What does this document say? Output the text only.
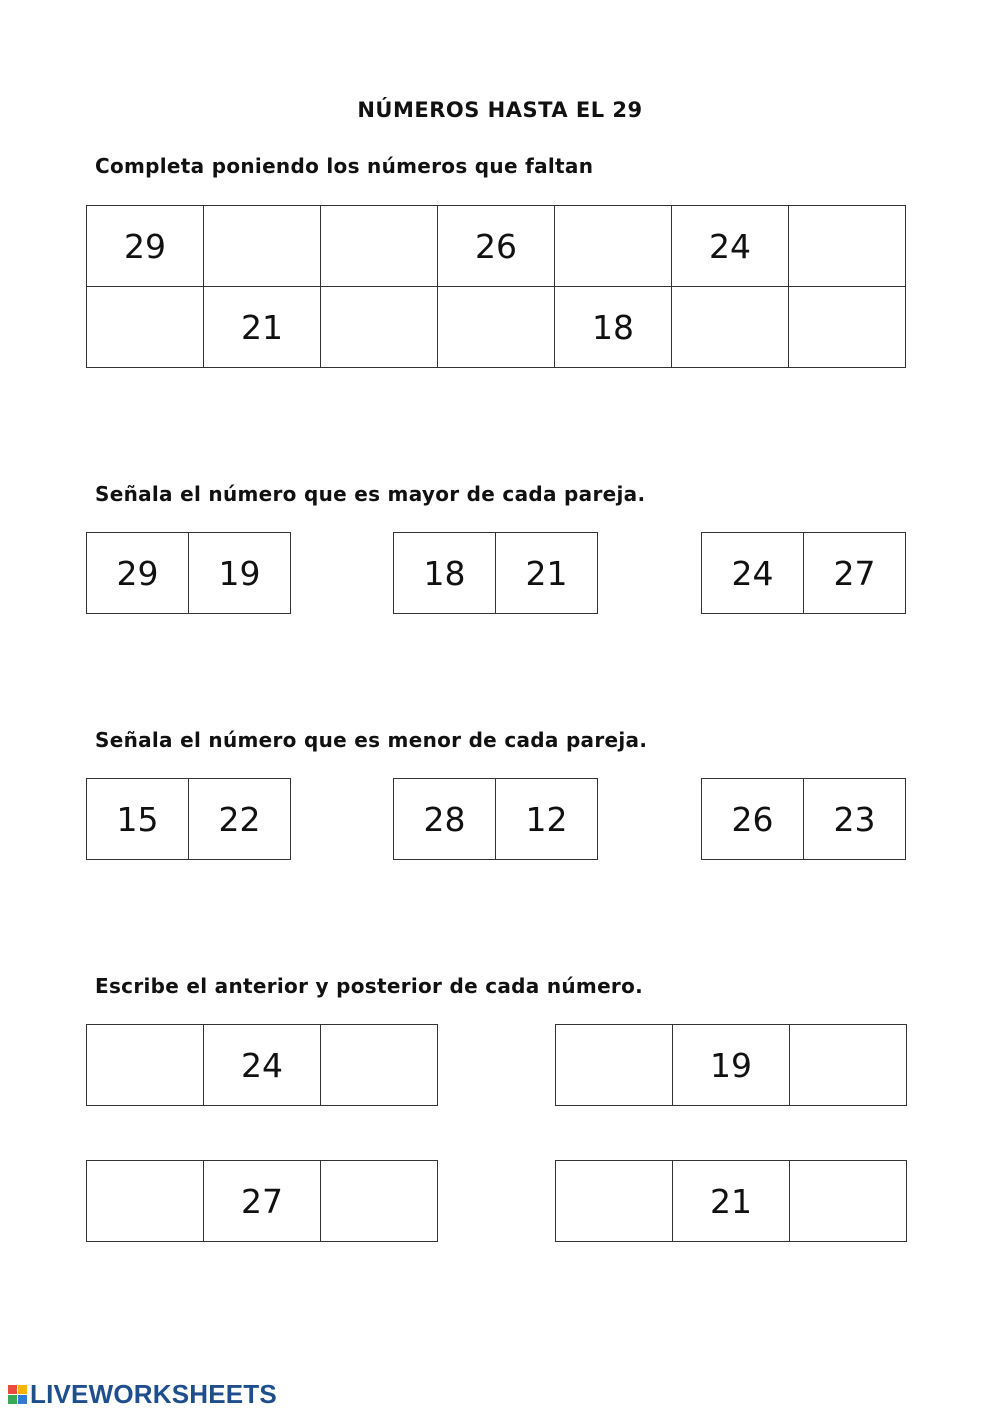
NÚMEROS HASTA EL 29
Completa poniendo los números que faltan
29			26		24	
	21			18		
Señala el número que es mayor de cada pareja.
29	19	18	21	24	27
Señala el número que es menor de cada pareja.
15	22	28	12	26	23
Escribe el anterior y posterior de cada número.
	24	
		19	
	27	
		21	
LIVEWORKSHEETS
